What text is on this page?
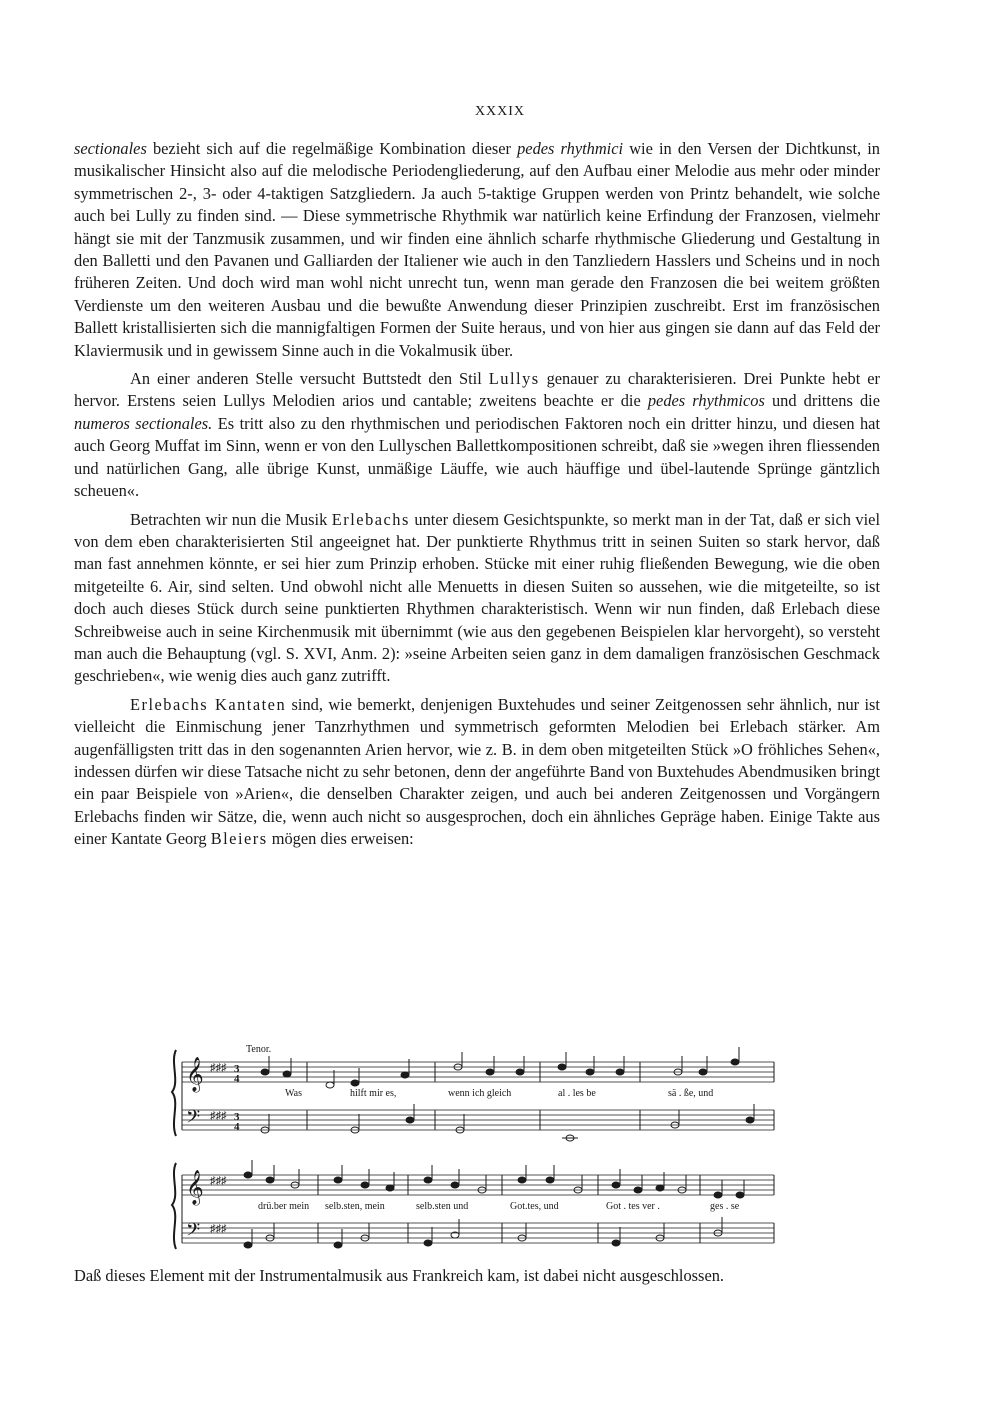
XXXIX

sectionales bezieht sich auf die regelmäßige Kombination dieser pedes rhythmici wie in den Versen der Dichtkunst, in musikalischer Hinsicht also auf die melodische Periodengliederung, auf den Aufbau einer Melodie aus mehr oder minder symmetrischen 2-, 3- oder 4-taktigen Satzgliedern. Ja auch 5-taktige Gruppen werden von Printz behandelt, wie solche auch bei Lully zu finden sind. — Diese symmetrische Rhythmik war natürlich keine Erfindung der Franzosen, vielmehr hängt sie mit der Tanzmusik zusammen, und wir finden eine ähnlich scharfe rhythmische Gliederung und Gestaltung in den Balletti und den Pavanen und Galliarden der Italiener wie auch in den Tanzliedern Hasslers und Scheins und in noch früheren Zeiten. Und doch wird man wohl nicht unrecht tun, wenn man gerade den Franzosen die bei weitem größten Verdienste um den weiteren Ausbau und die bewußte Anwendung dieser Prinzipien zuschreibt. Erst im französischen Ballett kristallisierten sich die mannigfaltigen Formen der Suite heraus, und von hier aus gingen sie dann auf das Feld der Klaviermusik und in gewissem Sinne auch in die Vokalmusik über.

An einer anderen Stelle versucht Buttstedt den Stil Lullys genauer zu charakterisieren. Drei Punkte hebt er hervor. Erstens seien Lullys Melodien arios und cantable; zweitens beachte er die pedes rhythmicos und drittens die numeros sectionales. Es tritt also zu den rhythmischen und periodischen Faktoren noch ein dritter hinzu, und diesen hat auch Georg Muffat im Sinn, wenn er von den Lullyschen Ballettkompositionen schreibt, daß sie »wegen ihren fliessenden und natürlichen Gang, alle übrige Kunst, unmäßige Läuffe, wie auch häuffige und übel-lautende Sprünge gäntzlich scheuen«.

Betrachten wir nun die Musik Erlebachs unter diesem Gesichtspunkte, so merkt man in der Tat, daß er sich viel von dem eben charakterisierten Stil angeeignet hat. Der punktierte Rhythmus tritt in seinen Suiten so stark hervor, daß man fast annehmen könnte, er sei hier zum Prinzip erhoben. Stücke mit einer ruhig fließenden Bewegung, wie die oben mitgeteilte 6. Air, sind selten. Und obwohl nicht alle Menuetts in diesen Suiten so aussehen, wie die mitgeteilte, so ist doch auch dieses Stück durch seine punktierten Rhythmen charakteristisch. Wenn wir nun finden, daß Erlebach diese Schreibweise auch in seine Kirchenmusik mit übernimmt (wie aus den gegebenen Beispielen klar hervorgeht), so versteht man auch die Behauptung (vgl. S. XVI, Anm. 2): »seine Arbeiten seien ganz in dem damaligen französischen Geschmack geschrieben«, wie wenig dies auch ganz zutrifft.

Erlebachs Kantaten sind, wie bemerkt, denjenigen Buxtehudes und seiner Zeitgenossen sehr ähnlich, nur ist vielleicht die Einmischung jener Tanzrhythmen und symmetrisch geformten Melodien bei Erlebach stärker. Am augenfälligsten tritt das in den sogenannten Arien hervor, wie z. B. in dem oben mitgeteilten Stück »O fröhliches Sehen«, indessen dürfen wir diese Tatsache nicht zu sehr betonen, denn der angeführte Band von Buxtehudes Abendmusiken bringt ein paar Beispiele von »Arien«, die denselben Charakter zeigen, und auch bei anderen Zeitgenossen und Vorgängern Erlebachs finden wir Sätze, die, wenn auch nicht so ausgesprochen, doch ein ähnliches Gepräge haben. Einige Takte aus einer Kantate Georg Bleiers mögen dies erweisen:

𝄞
𝄢
♯♯♯
♯♯♯
3
4
3
4
Tenor.
Was	hilft mir es,	wenn ich gleich	al . les be	sä . ße, und
𝄞
𝄢
♯♯♯
♯♯♯
drü.ber mein selb.sten, mein	selb.sten und	Got.tes, und	Got . tes ver .	ges . se
Daß dieses Element mit der Instrumentalmusik aus Frankreich kam, ist dabei nicht ausgeschlossen.
